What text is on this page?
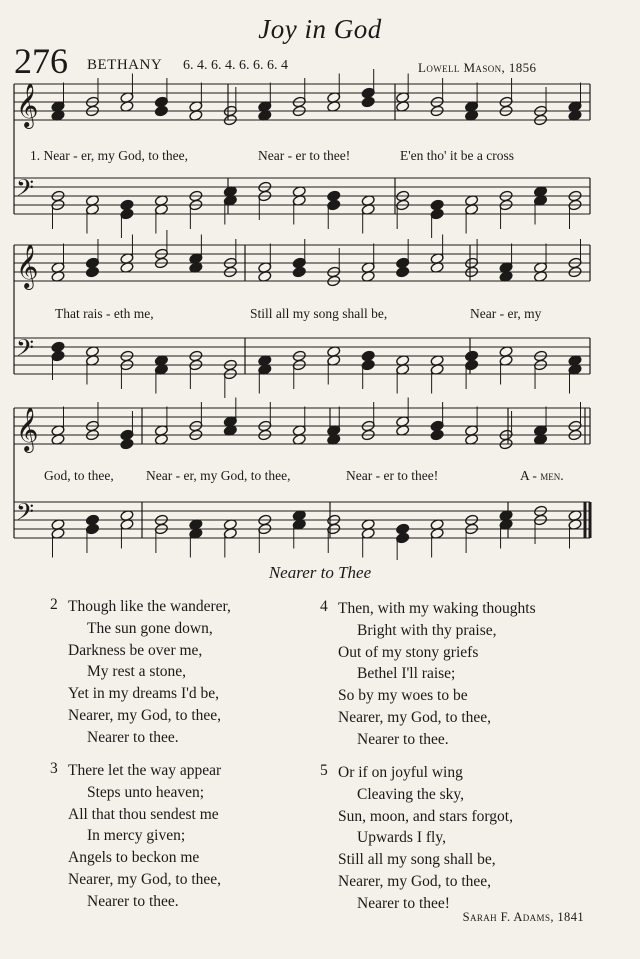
Joy in God
276 BETHANY 6. 4. 6. 4. 6. 6. 6. 4	Lowell Mason, 1856
𝄞
𝄢
𝄞
𝄢
𝄞
𝄢
1. Near - er, my God, to thee,	Near - er to thee!	E'en tho' it be a cross
That rais - eth me,	Still all my song shall be,	Near - er, my
God, to thee, Near - er, my God, to thee,	Near - er to thee!	A - men.
Nearer to Thee
2 Though like the wanderer,
The sun gone down,
Darkness be over me,
My rest a stone,
Yet in my dreams I'd be,
Nearer, my God, to thee,
Nearer to thee.
4 Then, with my waking thoughts
Bright with thy praise,
Out of my stony griefs
Bethel I'll raise;
So by my woes to be
Nearer, my God, to thee,
Nearer to thee.
3 There let the way appear
Steps unto heaven;
All that thou sendest me
In mercy given;
Angels to beckon me
Nearer, my God, to thee,
Nearer to thee.
5 Or if on joyful wing
Cleaving the sky,
Sun, moon, and stars forgot,
Upwards I fly,
Still all my song shall be,
Nearer, my God, to thee,
Nearer to thee!
Sarah F. Adams, 1841
